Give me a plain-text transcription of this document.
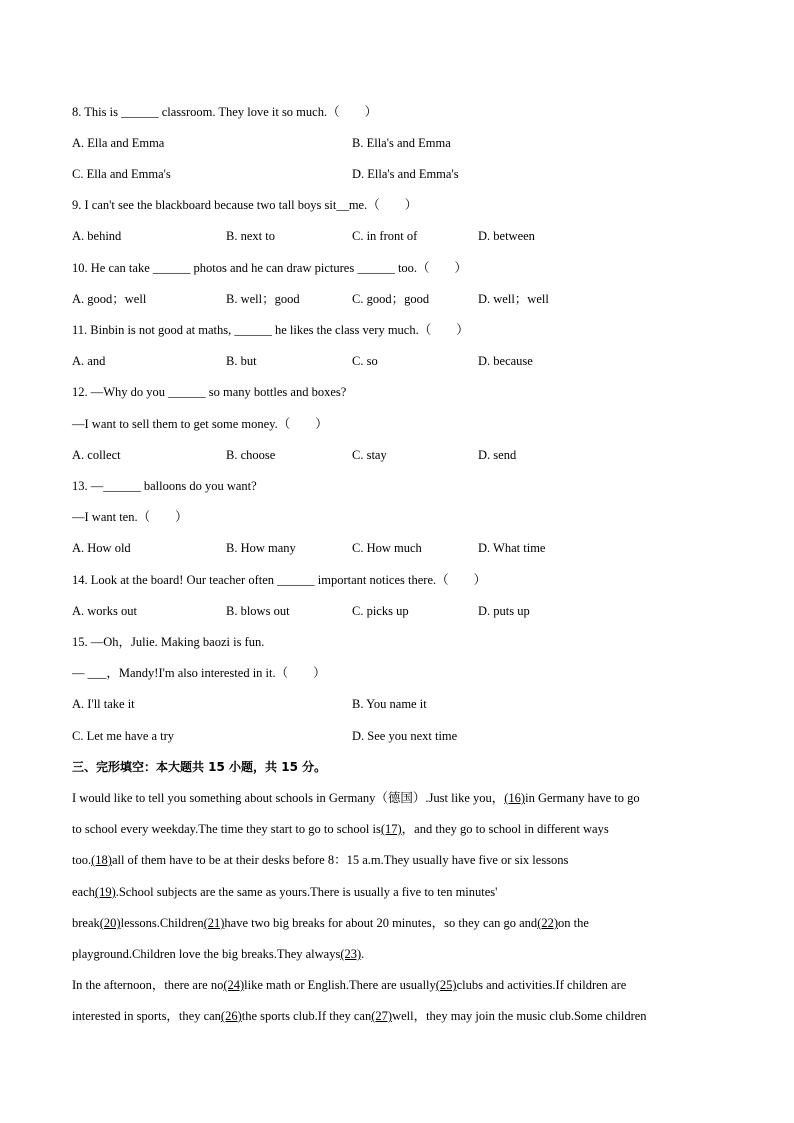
8. This is ______ classroom. They love it so much.（　　）
A. Ella and Emma	B. Ella's and Emma
C. Ella and Emma's	D. Ella's and Emma's
9. I can't see the blackboard because two tall boys sit__me.（　　）
A. behind	B. next to	C. in front of	D. between
10. He can take ______ photos and he can draw pictures ______ too.（　　）
A. good；well	B. well；good	C. good；good	D. well；well
11. Binbin is not good at maths, ______ he likes the class very much.（　　）
A. and	B. but	C. so	D. because
12. —Why do you ______ so many bottles and boxes?
—I want to sell them to get some money.（　　）
A. collect	B. choose	C. stay	D. send
13. —______ balloons do you want?
—I want ten.（　　）
A. How old	B. How many	C. How much	D. What time
14. Look at the board! Our teacher often ______ important notices there.（　　）
A. works out	B. blows out	C. picks up	D. puts up
15. —Oh，Julie. Making baozi is fun.
— ___，Mandy!I'm also interested in it.（　　）
A. I'll take it	B. You name it
C. Let me have a try	D. See you next time
三、完形填空：本大题共 15 小题，共 15 分。
I would like to tell you something about schools in Germany（德国）.Just like you，(16)in Germany have to go
to school every weekday.The time they start to go to school is(17)，and they go to school in different ways
too.(18)all of them have to be at their desks before 8：15 a.m.They usually have five or six lessons
each(19).School subjects are the same as yours.There is usually a five to ten minutes'
break(20)lessons.Children(21)have two big breaks for about 20 minutes，so they can go and(22)on the
playground.Children love the big breaks.They always(23).
In the afternoon，there are no(24)like math or English.There are usually(25)clubs and activities.If children are
interested in sports，they can(26)the sports club.If they can(27)well，they may join the music club.Some children
